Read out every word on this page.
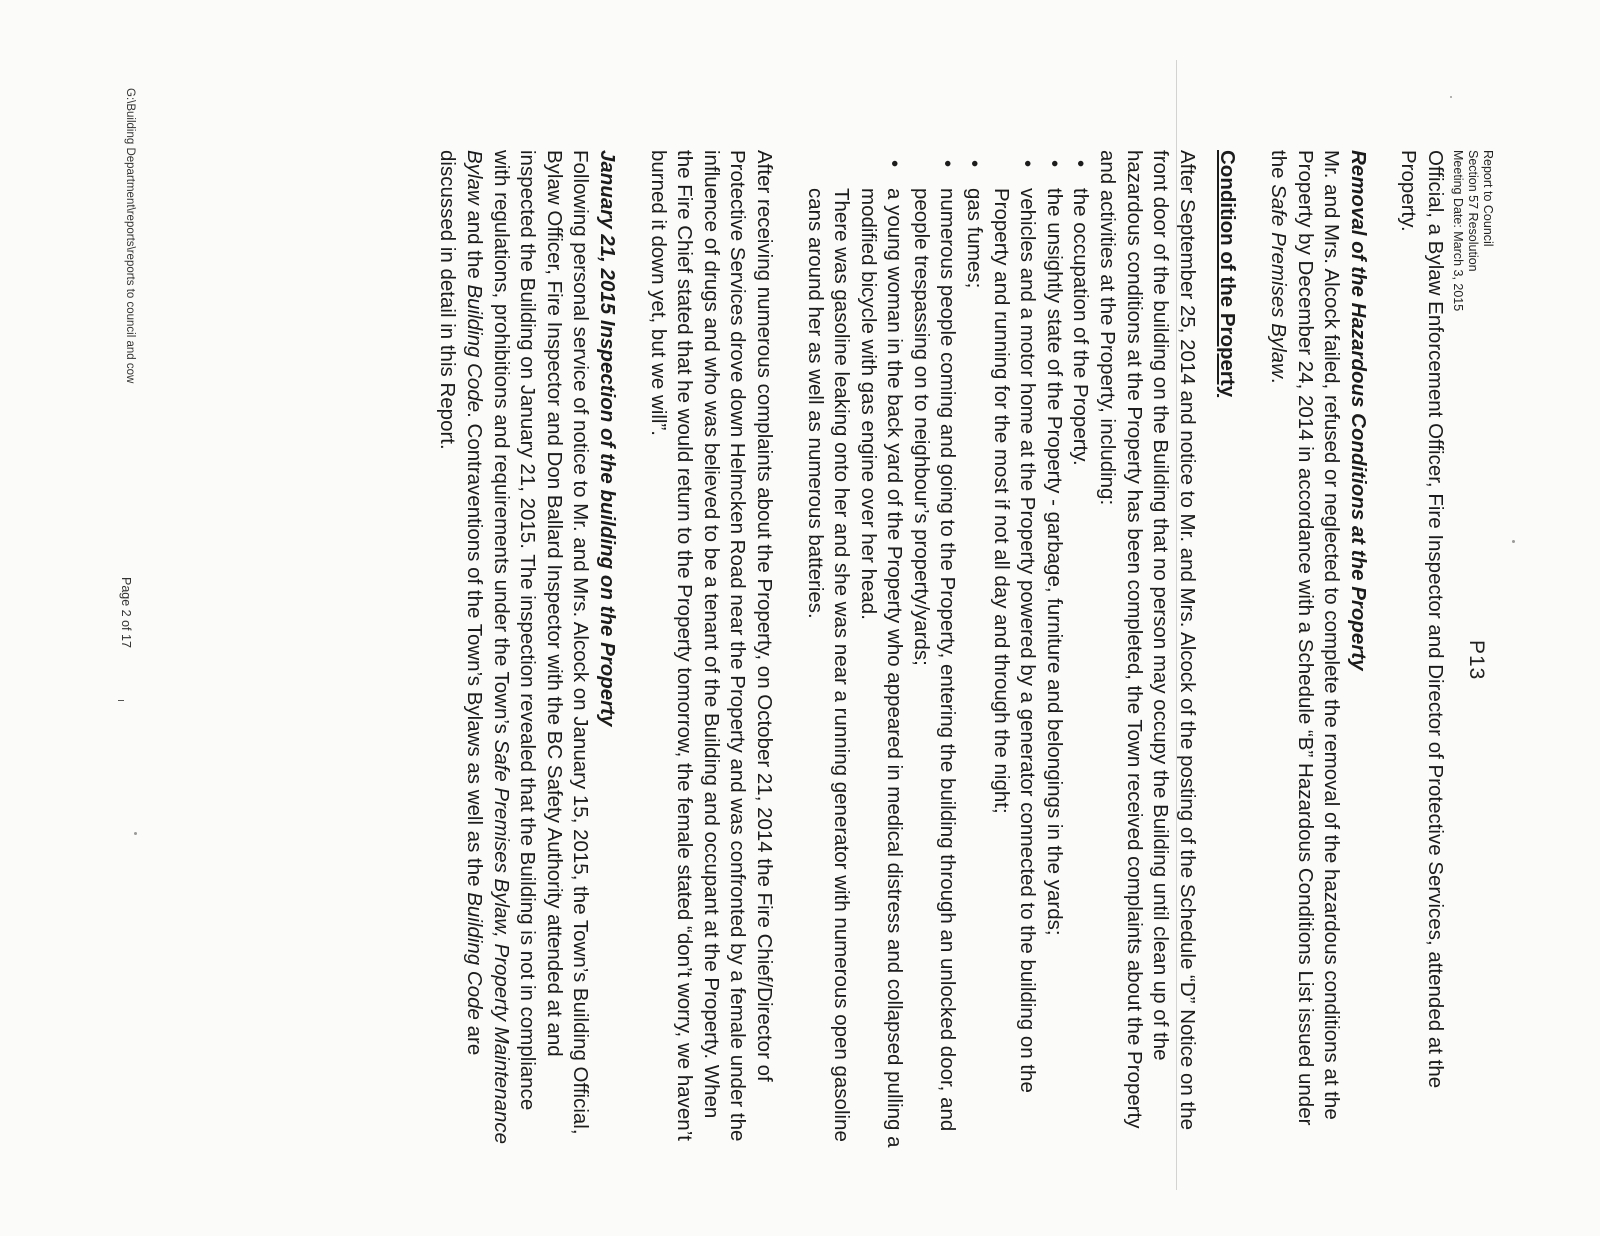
Report to Council
Section 57 Resolution
Meeting Date: March 3, 2015
P13

Official, a Bylaw Enforcement Officer, Fire Inspector and Director of Protective Services, attended at the Property.

Removal of the Hazardous Conditions at the Property

Mr. and Mrs. Alcock failed, refused or neglected to complete the removal of the hazardous conditions at the Property by December 24, 2014 in accordance with a Schedule “B” Hazardous Conditions List issued under the Safe Premises Bylaw.

Condition of the Property

After September 25, 2014 and notice to Mr. and Mrs. Alcock of the posting of the Schedule “D” Notice on the front door of the building on the Building that no person may occupy the Building until clean up of the hazardous conditions at the Property has been completed, the Town received complaints about the Property and activities at the Property, including:

• the occupation of the Property.
• the unsightly state of the Property - garbage, furniture and belongings in the yards;
• vehicles and a motor home at the Property powered by a generator connected to the building on the Property and running for the most if not all day and through the night;
• gas fumes;
• numerous people coming and going to the Property, entering the building through an unlocked door, and people trespassing on to neighbour’s property/yards;
• a young woman in the back yard of the Property who appeared in medical distress and collapsed pulling a modified bicycle with gas engine over her head.

There was gasoline leaking onto her and she was near a running generator with numerous open gasoline cans around her as well as numerous batteries.

After receiving numerous complaints about the Property, on October 21, 2014 the Fire Chief/Director of Protective Services drove down Helmcken Road near the Property and was confronted by a female under the influence of drugs and who was believed to be a tenant of the Building and occupant at the Property. When the Fire Chief stated that he would return to the Property tomorrow, the female stated “don’t worry, we haven’t burned it down yet, but we will”.

January 21, 2015 Inspection of the building on the Property

Following personal service of notice to Mr. and Mrs. Alcock on January 15, 2015, the Town’s Building Official, Bylaw Officer, Fire Inspector and Don Ballard Inspector with the BC Safety Authority attended at and inspected the Building on January 21, 2015. The inspection revealed that the Building is not in compliance with regulations, prohibitions and requirements under the Town’s Safe Premises Bylaw, Property Maintenance Bylaw and the Building Code. Contraventions of the Town’s Bylaws as well as the Building Code are discussed in detail in this Report.

G:\Building Department\reports\reports to council and cow
Page 2 of 17
